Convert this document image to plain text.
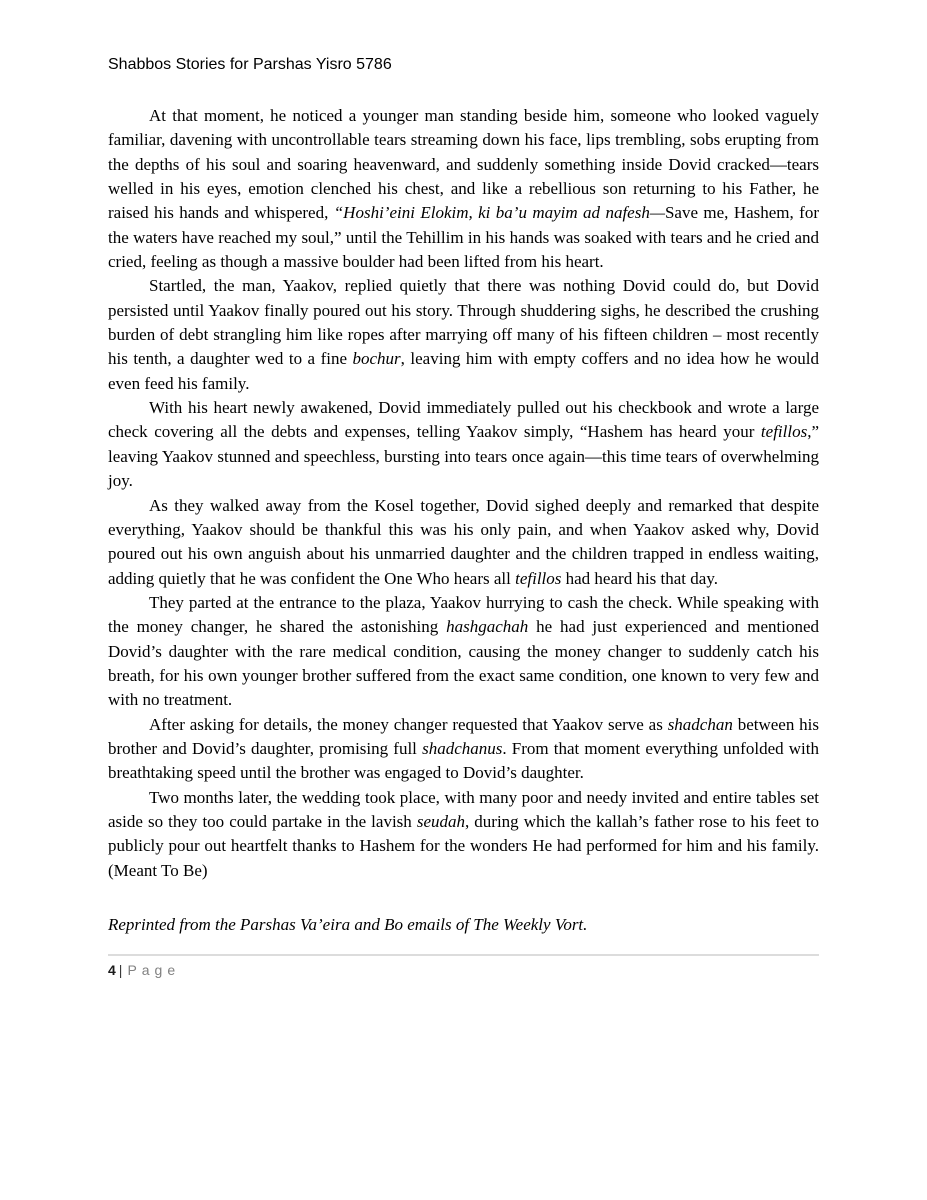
Shabbos Stories for Parshas Yisro 5786

At that moment, he noticed a younger man standing beside him, someone who looked vaguely familiar, davening with uncontrollable tears streaming down his face, lips trembling, sobs erupting from the depths of his soul and soaring heavenward, and suddenly something inside Dovid cracked—tears welled in his eyes, emotion clenched his chest, and like a rebellious son returning to his Father, he raised his hands and whispered, “Hoshi’eini Elokim, ki ba’u mayim ad nafesh—Save me, Hashem, for the waters have reached my soul,” until the Tehillim in his hands was soaked with tears and he cried and cried, feeling as though a massive boulder had been lifted from his heart.

Startled, the man, Yaakov, replied quietly that there was nothing Dovid could do, but Dovid persisted until Yaakov finally poured out his story. Through shuddering sighs, he described the crushing burden of debt strangling him like ropes after marrying off many of his fifteen children – most recently his tenth, a daughter wed to a fine bochur, leaving him with empty coffers and no idea how he would even feed his family.

With his heart newly awakened, Dovid immediately pulled out his checkbook and wrote a large check covering all the debts and expenses, telling Yaakov simply, “Hashem has heard your tefillos,” leaving Yaakov stunned and speechless, bursting into tears once again—this time tears of overwhelming joy.

As they walked away from the Kosel together, Dovid sighed deeply and remarked that despite everything, Yaakov should be thankful this was his only pain, and when Yaakov asked why, Dovid poured out his own anguish about his unmarried daughter and the children trapped in endless waiting, adding quietly that he was confident the One Who hears all tefillos had heard his that day.

They parted at the entrance to the plaza, Yaakov hurrying to cash the check. While speaking with the money changer, he shared the astonishing hashgachah he had just experienced and mentioned Dovid’s daughter with the rare medical condition, causing the money changer to suddenly catch his breath, for his own younger brother suffered from the exact same condition, one known to very few and with no treatment.

After asking for details, the money changer requested that Yaakov serve as shadchan between his brother and Dovid’s daughter, promising full shadchanus. From that moment everything unfolded with breathtaking speed until the brother was engaged to Dovid’s daughter.

Two months later, the wedding took place, with many poor and needy invited and entire tables set aside so they too could partake in the lavish seudah, during which the kallah’s father rose to his feet to publicly pour out heartfelt thanks to Hashem for the wonders He had performed for him and his family. (Meant To Be)

Reprinted from the Parshas Va’eira and Bo emails of The Weekly Vort.

4 | Page
